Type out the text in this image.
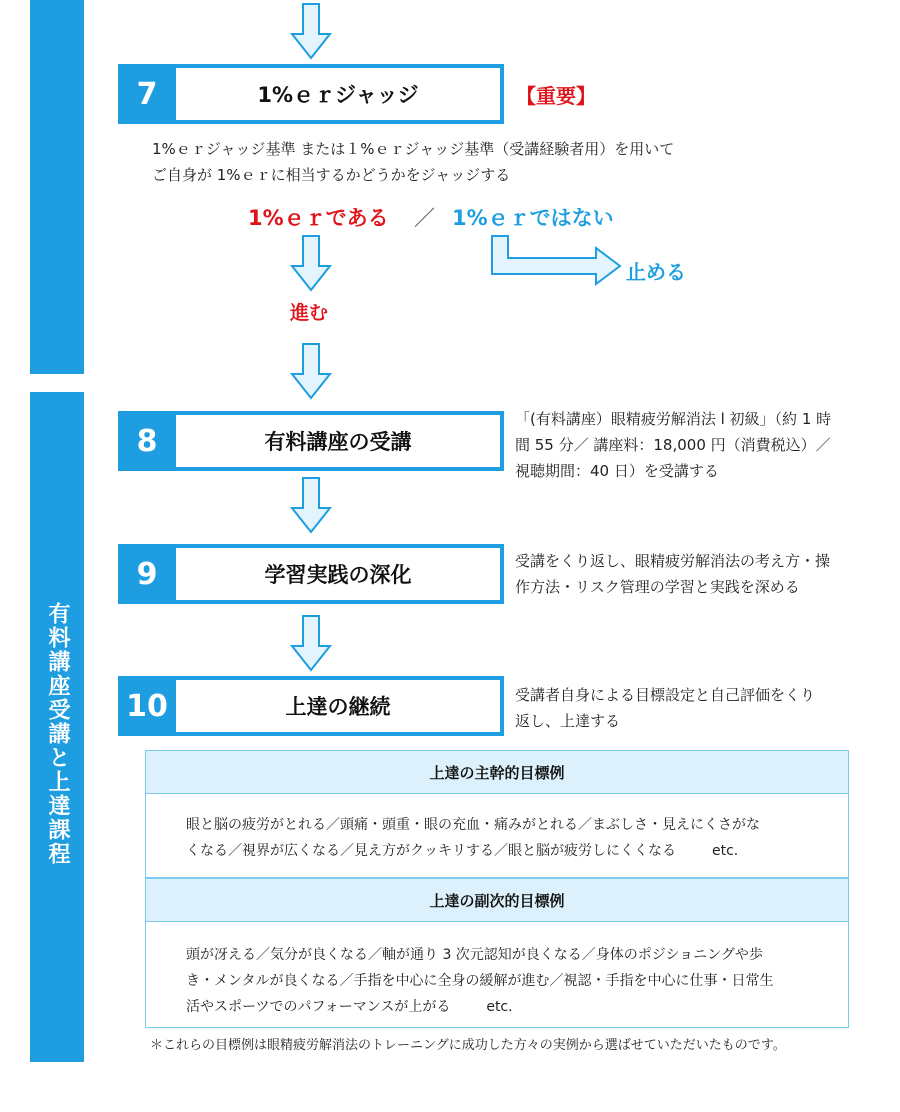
有料講座受講と上達課程
7	1%ｅｒジャッジ	【重要】
1%ｅｒジャッジ基準 または１%ｅｒジャッジ基準（受講経験者用）を用いて
ご自身が 1%ｅｒに相当するかどうかをジャッジする
1%ｅｒである ／ 1%ｅｒではない
進む
止める
8	有料講座の受講
「(有料講座）眼精疲労解消法 l 初級」（約 1 時
間 55 分／ 講座料：18,000 円（消費税込）／
視聴期間：40 日）を受講する
9	学習実践の深化
受講をくり返し、眼精疲労解消法の考え方・操
作方法・リスク管理の学習と実践を深める
10	上達の継続	受講者自身による目標設定と自己評価をくり
返し、上達する
上達の主幹的目標例
眼と脳の疲労がとれる／頭痛・頭重・眼の充血・痛みがとれる／まぶしさ・見えにくさがな
くなる／視界が広くなる／見え方がクッキリする／眼と脳が疲労しにくくなる	etc.
上達の副次的目標例
頭が冴える／気分が良くなる／軸が通り 3 次元認知が良くなる／身体のポジショニングや歩
き・メンタルが良くなる／手指を中心に全身の緩解が進む／視認・手指を中心に仕事・日常生
活やスポーツでのパフォーマンスが上がる	etc.
＊これらの目標例は眼精疲労解消法のトレーニングに成功した方々の実例から選ばせていただいたものです。
